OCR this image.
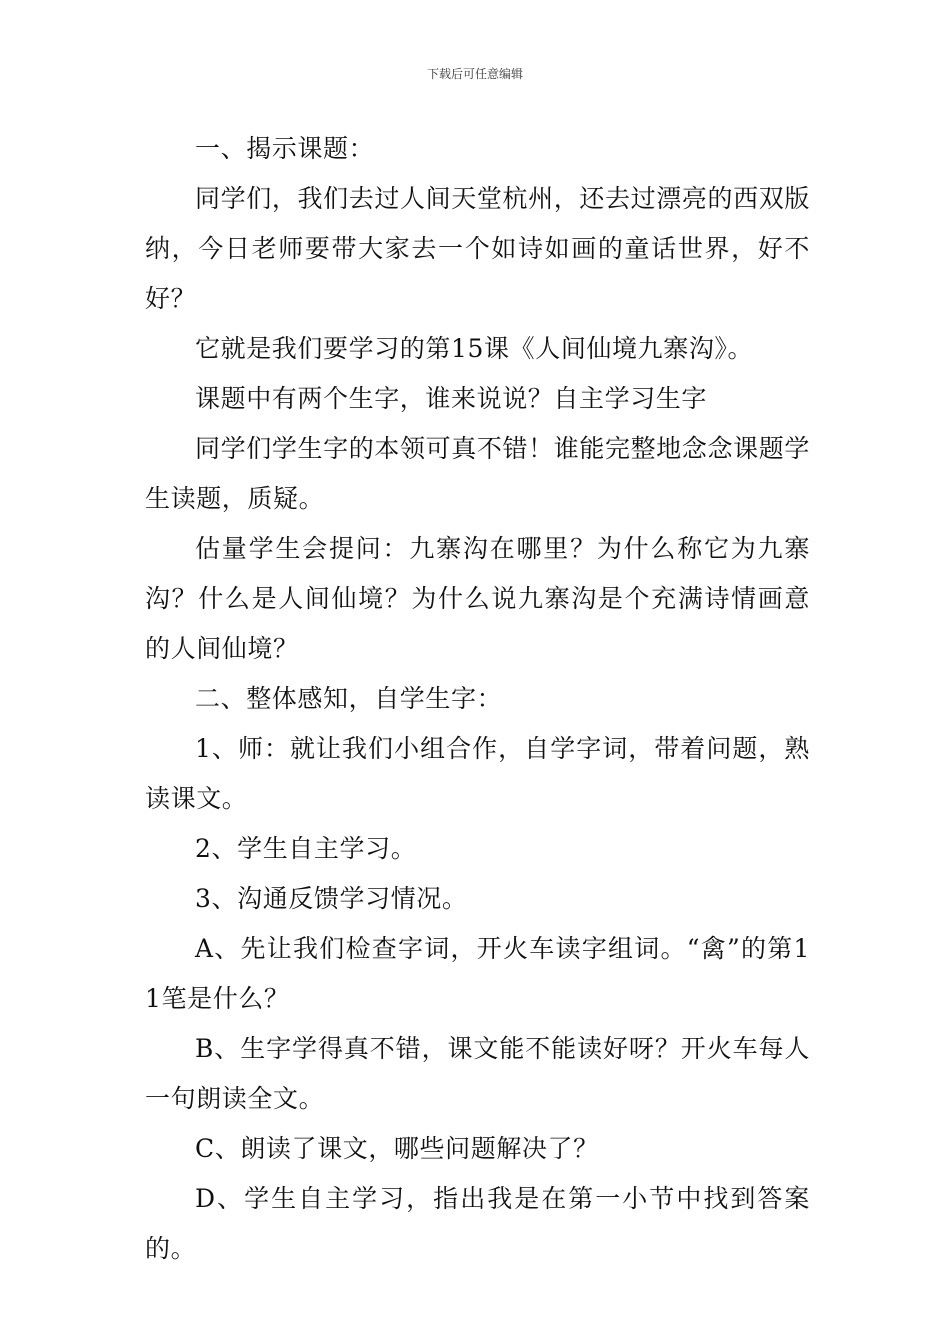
下载后可任意编辑

一、揭示课题：

同学们，我们去过人间天堂杭州，还去过漂亮的西双版纳，今日老师要带大家去一个如诗如画的童话世界，好不好？

它就是我们要学习的第15课《人间仙境九寨沟》。

课题中有两个生字，谁来说说？自主学习生字

同学们学生字的本领可真不错！谁能完整地念念课题学生读题，质疑。

估量学生会提问：九寨沟在哪里？为什么称它为九寨沟？什么是人间仙境？为什么说九寨沟是个充满诗情画意的人间仙境？

二、整体感知，自学生字：

1、师：就让我们小组合作，自学字词，带着问题，熟读课文。

2、学生自主学习。

3、沟通反馈学习情况。

A、先让我们检查字词，开火车读字组词。“禽”的第11笔是什么？

B、生字学得真不错，课文能不能读好呀？开火车每人一句朗读全文。

C、朗读了课文，哪些问题解决了？

D、学生自主学习，指出我是在第一小节中找到答案的。
